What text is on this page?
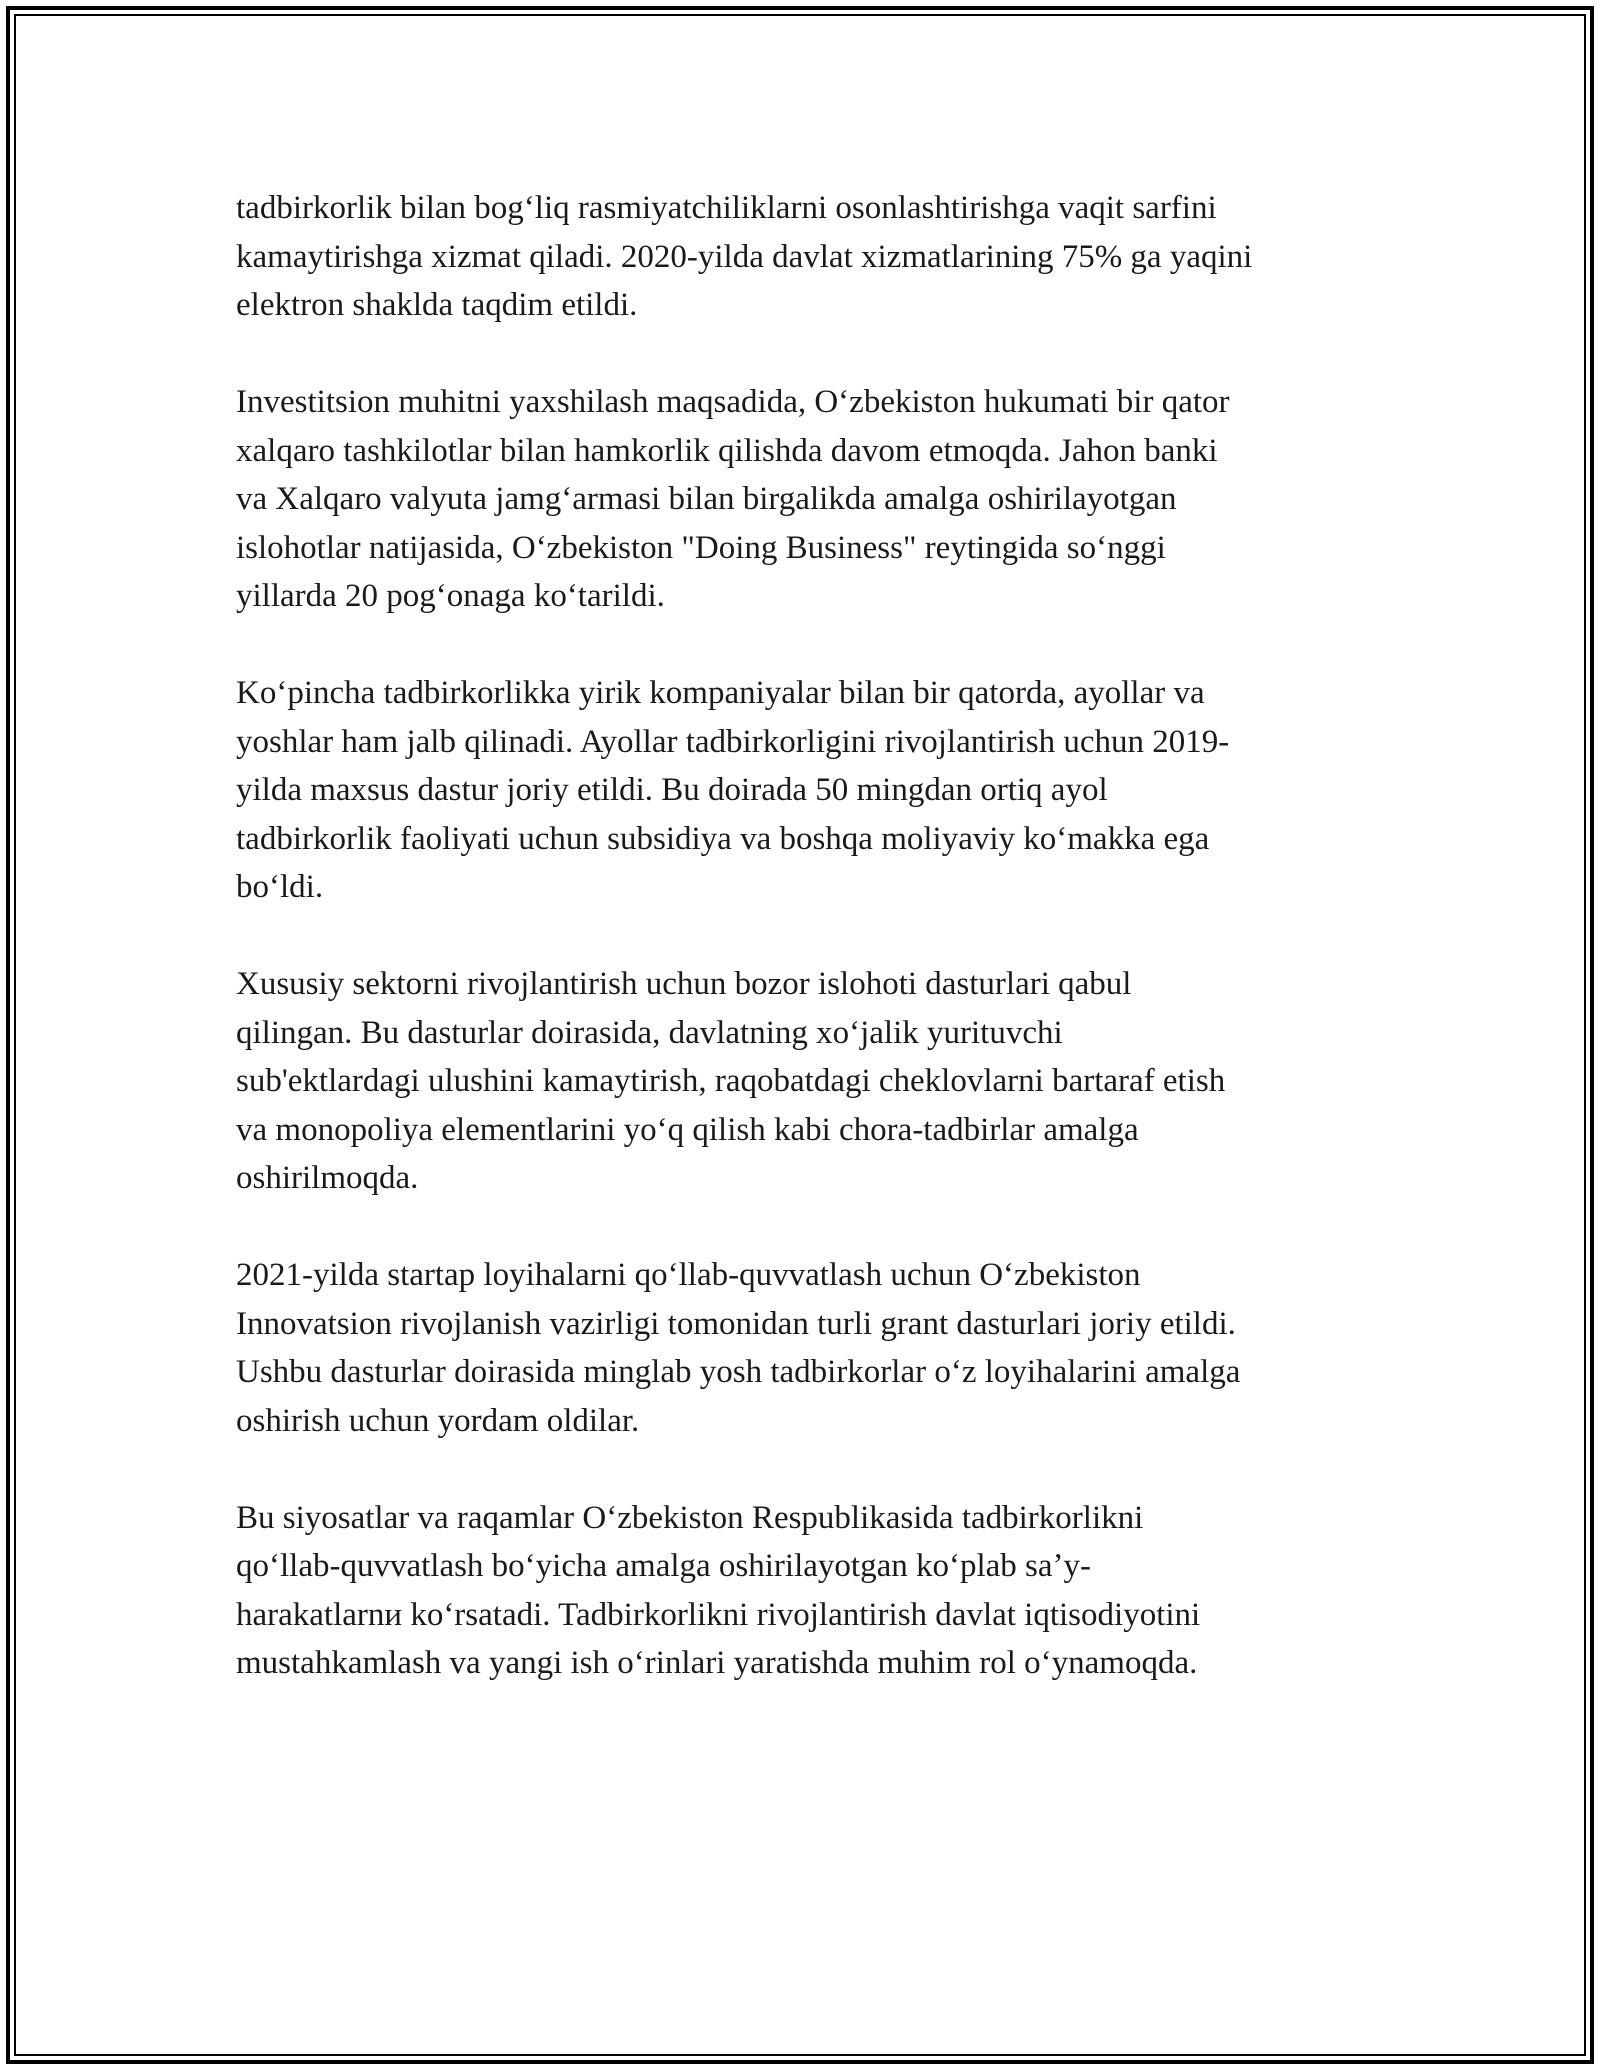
tadbirkorlik bilan bogʻliq rasmiyatchiliklarni osonlashtirishga vaqit sarfini
kamaytirishga xizmat qiladi. 2020-yilda davlat xizmatlarining 75% ga yaqini
elektron shaklda taqdim etildi.

Investitsion muhitni yaxshilash maqsadida, Oʻzbekiston hukumati bir qator
xalqaro tashkilotlar bilan hamkorlik qilishda davom etmoqda. Jahon banki
va Xalqaro valyuta jamgʻarmasi bilan birgalikda amalga oshirilayotgan
islohotlar natijasida, Oʻzbekiston "Doing Business" reytingida soʻnggi
yillarda 20 pogʻonaga koʻtarildi.

Koʻpincha tadbirkorlikka yirik kompaniyalar bilan bir qatorda, ayollar va
yoshlar ham jalb qilinadi. Ayollar tadbirkorligini rivojlantirish uchun 2019-
yilda maxsus dastur joriy etildi. Bu doirada 50 mingdan ortiq ayol
tadbirkorlik faoliyati uchun subsidiya va boshqa moliyaviy koʻmakka ega
boʻldi.

Xususiy sektorni rivojlantirish uchun bozor islohoti dasturlari qabul
qilingan. Bu dasturlar doirasida, davlatning xoʻjalik yurituvchi
sub'ektlardagi ulushini kamaytirish, raqobatdagi cheklovlarni bartaraf etish
va monopoliya elementlarini yoʻq qilish kabi chora-tadbirlar amalga
oshirilmoqda.

2021-yilda startap loyihalarni qoʻllab-quvvatlash uchun Oʻzbekiston
Innovatsion rivojlanish vazirligi tomonidan turli grant dasturlari joriy etildi.
Ushbu dasturlar doirasida minglab yosh tadbirkorlar oʻz loyihalarini amalga
oshirish uchun yordam oldilar.

Bu siyosatlar va raqamlar Oʻzbekiston Respublikasida tadbirkorlikni
qoʻllab-quvvatlash boʻyicha amalga oshirilayotgan koʻplab saʼy-
harakatlarnи koʻrsatadi. Tadbirkorlikni rivojlantirish davlat iqtisodiyotini
mustahkamlash va yangi ish oʻrinlari yaratishda muhim rol oʻynamoqda.
